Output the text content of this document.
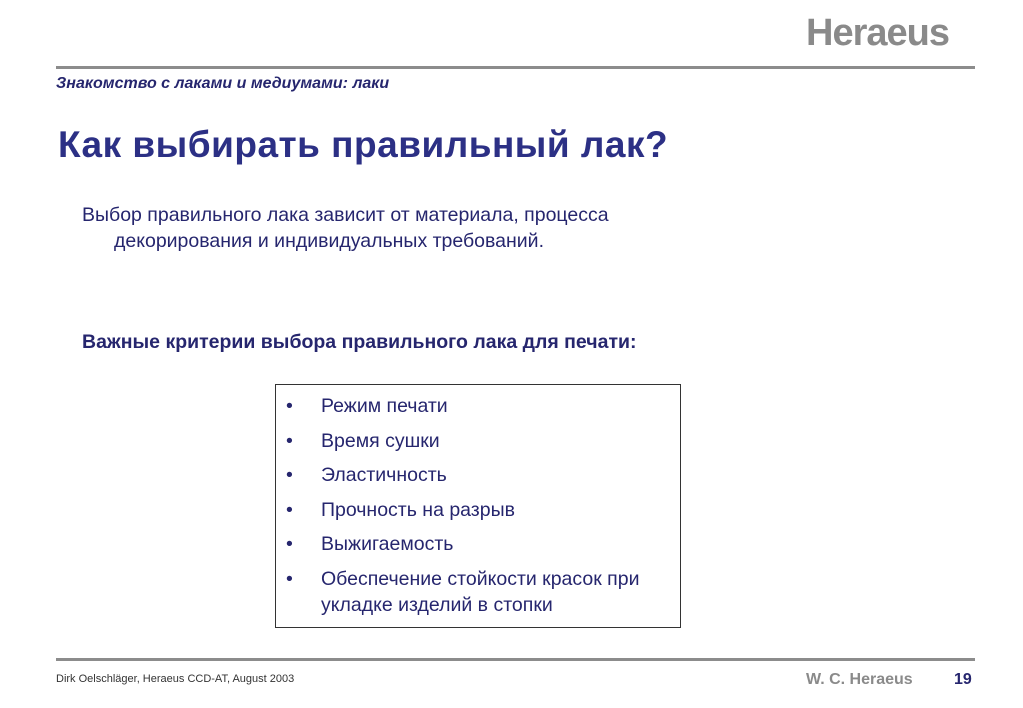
Heraeus
Знакомство с лаками и медиумами: лаки
Как выбирать правильный лак?
Выбор правильного лака зависит от материала, процесса декорирования и индивидуальных требований.
Важные критерии выбора правильного лака для печати:
• Режим печати
• Время сушки
• Эластичность
• Прочность на разрыв
• Выжигаемость
• Обеспечение стойкости красок при укладке изделий в стопки
Dirk Oelschläger, Heraeus CCD-AT, August 2003	W. C. Heraeus	19
